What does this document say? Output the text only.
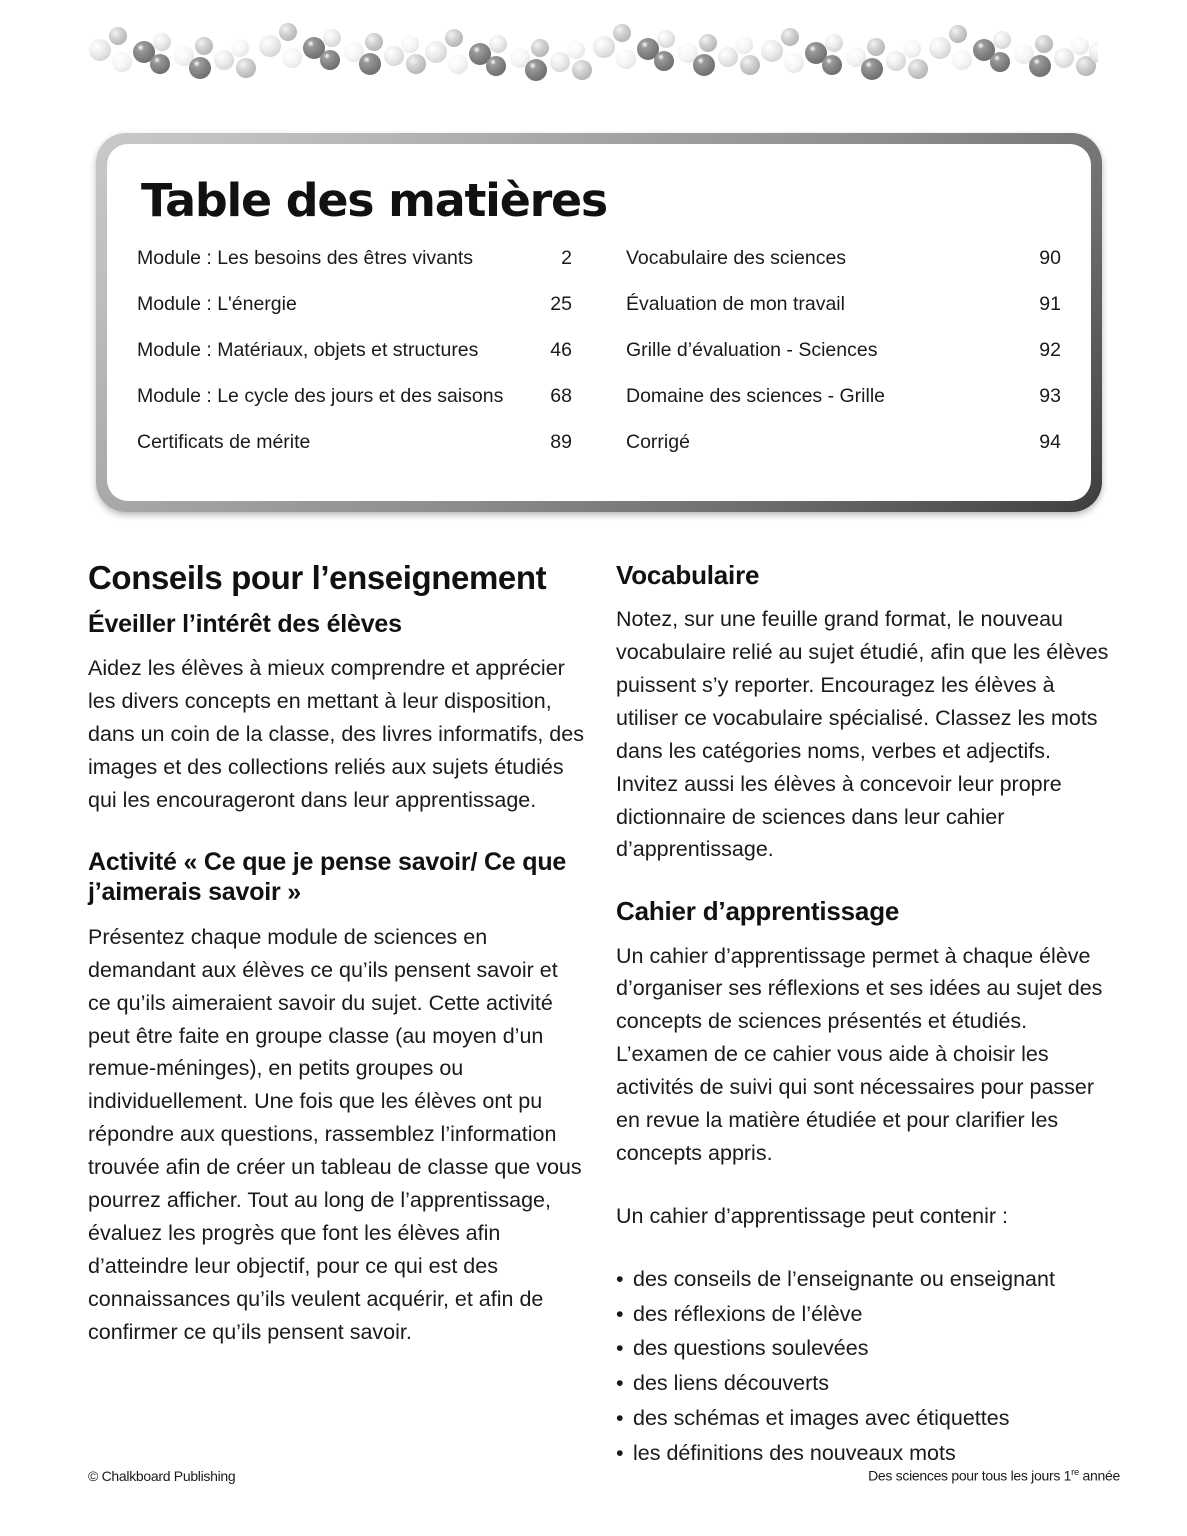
Table des matières
Module : Les besoins des êtres vivants	2
Module : L'énergie	25
Module : Matériaux, objets et structures	46
Module : Le cycle des jours et des saisons	68
Certificats de mérite	89
Vocabulaire des sciences	90
Évaluation de mon travail	91
Grille d’évaluation - Sciences	92
Domaine des sciences - Grille	93
Corrigé	94
Conseils pour l’enseignement
Éveiller l’intérêt des élèves

Aidez les élèves à mieux comprendre et apprécier les divers concepts en mettant à leur disposition, dans un coin de la classe, des livres informatifs, des images et des collections reliés aux sujets étudiés qui les encourageront dans leur apprentissage.

Activité « Ce que je pense savoir/ Ce que j’aimerais savoir »

Présentez chaque module de sciences en demandant aux élèves ce qu’ils pensent savoir et ce qu’ils aimeraient savoir du sujet. Cette activité peut être faite en groupe classe (au moyen d’un remue-méninges), en petits groupes ou individuellement. Une fois que les élèves ont pu répondre aux questions, rassemblez l’information trouvée afin de créer un tableau de classe que vous pourrez afficher. Tout au long de l’apprentissage, évaluez les progrès que font les élèves afin d’atteindre leur objectif, pour ce qui est des connaissances qu’ils veulent acquérir, et afin de confirmer ce qu’ils pensent savoir.

Vocabulaire

Notez, sur une feuille grand format, le nouveau vocabulaire relié au sujet étudié, afin que les élèves puissent s’y reporter. Encouragez les élèves à utiliser ce vocabulaire spécialisé. Classez les mots dans les catégories noms, verbes et adjectifs. Invitez aussi les élèves à concevoir leur propre dictionnaire de sciences dans leur cahier d’apprentissage.

Cahier d’apprentissage

Un cahier d’apprentissage permet à chaque élève d’organiser ses réflexions et ses idées au sujet des concepts de sciences présentés et étudiés. L’examen de ce cahier vous aide à choisir les activités de suivi qui sont nécessaires pour passer en revue la matière étudiée et pour clarifier les concepts appris.

Un cahier d’apprentissage peut contenir :

• des conseils de l’enseignante ou enseignant
• des réflexions de l’élève
• des questions soulevées
• des liens découverts
• des schémas et images avec étiquettes
• les définitions des nouveaux mots
© Chalkboard Publishing	Des sciences pour tous les jours 1re année
